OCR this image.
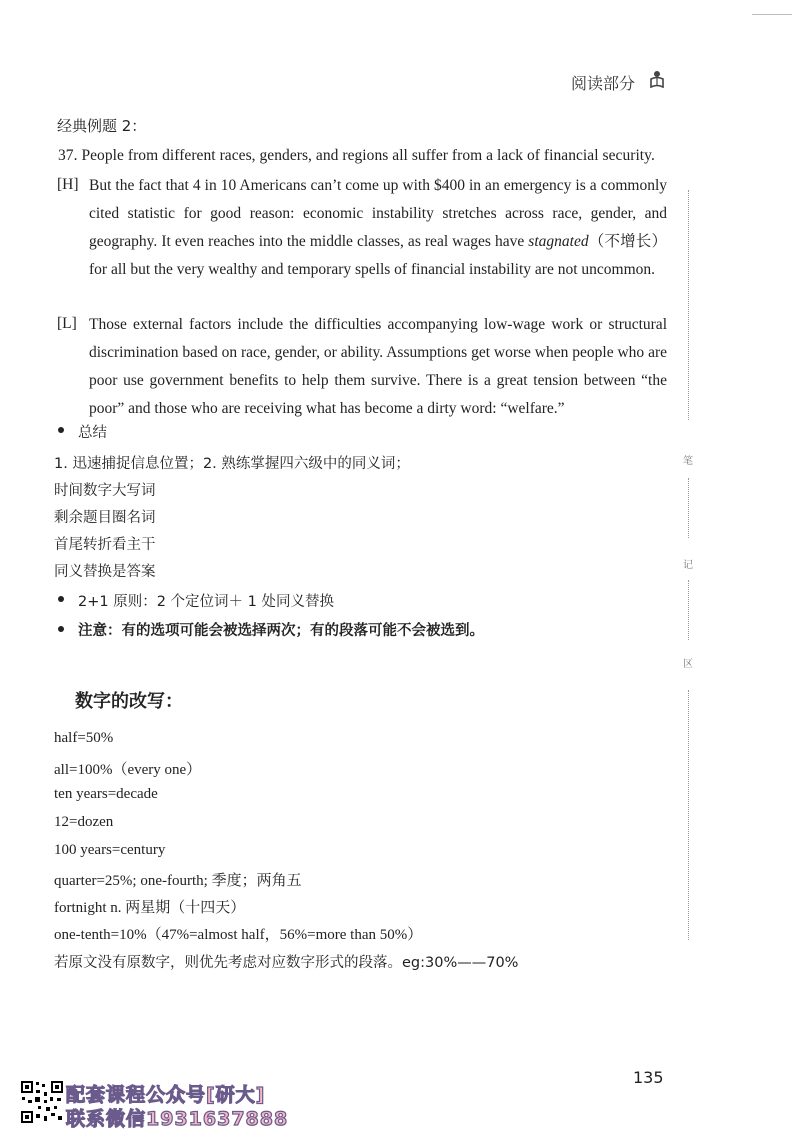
阅读部分
经典例题 2：
37. People from different races, genders, and regions all suffer from a lack of financial security.
[H] But the fact that 4 in 10 Americans can’t come up with $400 in an emergency is a commonly cited statistic for good reason: economic instability stretches across race, gender, and geography. It even reaches into the middle classes, as real wages have stagnated（不增长）for all but the very wealthy and temporary spells of financial instability are not uncommon.
[L] Those external factors include the difficulties accompanying low-wage work or structural discrimination based on race, gender, or ability. Assumptions get worse when people who are poor use government benefits to help them survive. There is a great tension between “the poor” and those who are receiving what has become a dirty word: “welfare.”
总结
1. 迅速捕捉信息位置；2. 熟练掌握四六级中的同义词；
时间数字大写词
剩余题目圈名词
首尾转折看主干
同义替换是答案
2+1 原则：2 个定位词＋ 1 处同义替换
注意：有的选项可能会被选择两次；有的段落可能不会被选到。
数字的改写：
half=50%
all=100%（every one）
ten years=decade
12=dozen
100 years=century
quarter=25%; one-fourth; 季度；两角五
fortnight n. 两星期（十四天）
one-tenth=10%（47%=almost half，56%=more than 50%）
若原文没有原数字，则优先考虑对应数字形式的段落。eg:30%——70%
笔
记
区
135
配套课程公众号[研大]
联系微信1931637888
